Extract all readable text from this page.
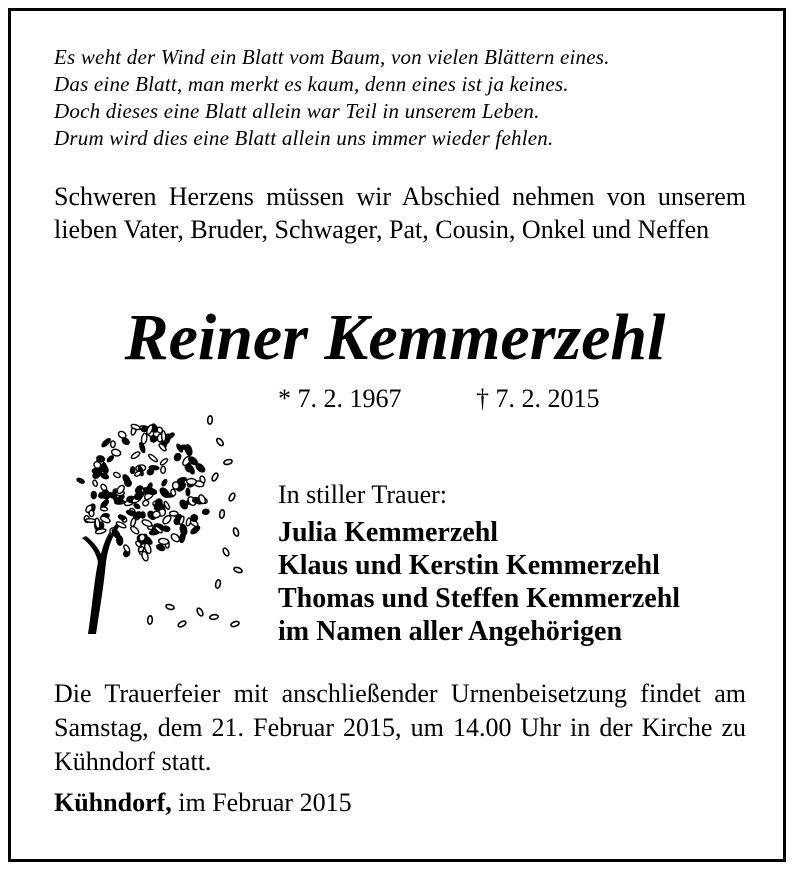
Es weht der Wind ein Blatt vom Baum, von vielen Blättern eines.
Das eine Blatt, man merkt es kaum, denn eines ist ja keines.
Doch dieses eine Blatt allein war Teil in unserem Leben.
Drum wird dies eine Blatt allein uns immer wieder fehlen.
Schweren Herzens müssen wir Abschied nehmen von unserem lieben Vater, Bruder, Schwager, Pat, Cousin, Onkel und Neffen
Reiner Kemmerzehl
* 7. 2. 1967	† 7. 2. 2015
In stiller Trauer:
Julia Kemmerzehl
Klaus und Kerstin Kemmerzehl
Thomas und Steffen Kemmerzehl
im Namen aller Angehörigen
Die Trauerfeier mit anschließender Urnenbeisetzung findet am Samstag, dem 21. Februar 2015, um 14.00 Uhr in der Kirche zu Kühndorf statt.
Kühndorf, im Februar 2015
